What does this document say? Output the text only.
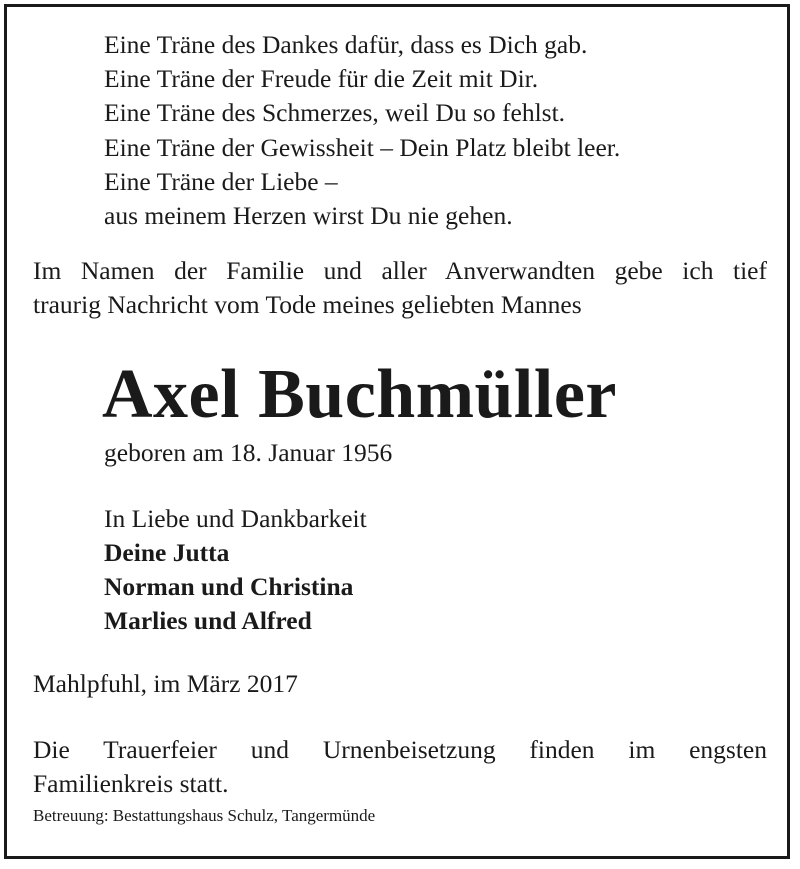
Eine Träne des Dankes dafür, dass es Dich gab.
Eine Träne der Freude für die Zeit mit Dir.
Eine Träne des Schmerzes, weil Du so fehlst.
Eine Träne der Gewissheit – Dein Platz bleibt leer.
Eine Träne der Liebe –
aus meinem Herzen wirst Du nie gehen.
Im Namen der Familie und aller Anverwandten gebe ich tief
traurig Nachricht vom Tode meines geliebten Mannes
Axel Buchmüller
geboren am 18. Januar 1956
In Liebe und Dankbarkeit
Deine Jutta
Norman und Christina
Marlies und Alfred
Mahlpfuhl, im März 2017
Die Trauerfeier und Urnenbeisetzung finden im engsten
Familienkreis statt.
Betreuung: Bestattungshaus Schulz, Tangermünde
